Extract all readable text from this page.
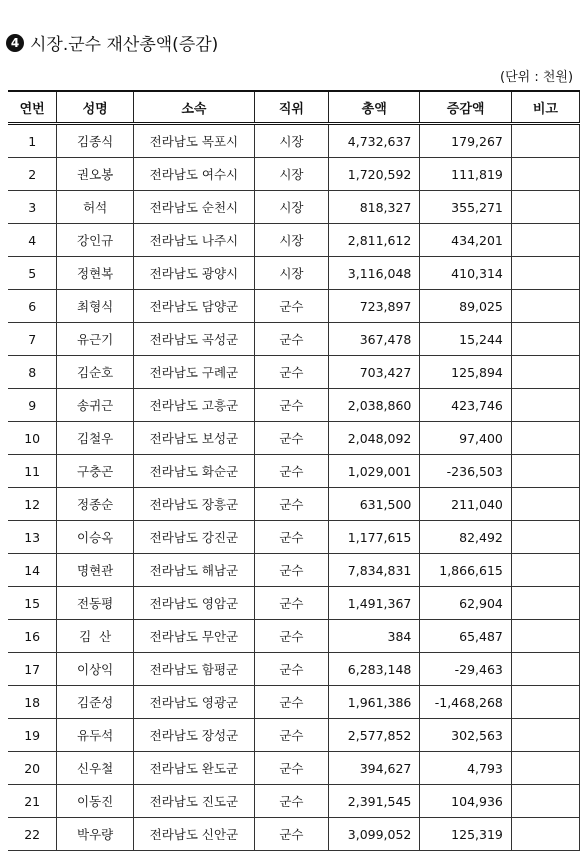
4 시장.군수 재산총액(증감)
(단위 : 천원)
연번	성명	소속	직위	총액	증감액	비고
1	김종식	전라남도 목포시	시장	4,732,637	179,267	
2	권오봉	전라남도 여수시	시장	1,720,592	111,819	
3	허석	전라남도 순천시	시장	818,327	355,271	
4	강인규	전라남도 나주시	시장	2,811,612	434,201	
5	정현복	전라남도 광양시	시장	3,116,048	410,314	
6	최형식	전라남도 담양군	군수	723,897	89,025	
7	유근기	전라남도 곡성군	군수	367,478	15,244	
8	김순호	전라남도 구례군	군수	703,427	125,894	
9	송귀근	전라남도 고흥군	군수	2,038,860	423,746	
10	김철우	전라남도 보성군	군수	2,048,092	97,400	
11	구충곤	전라남도 화순군	군수	1,029,001	-236,503	
12	정종순	전라남도 장흥군	군수	631,500	211,040	
13	이승옥	전라남도 강진군	군수	1,177,615	82,492	
14	명현관	전라남도 해남군	군수	7,834,831	1,866,615	
15	전동평	전라남도 영암군	군수	1,491,367	62,904	
16	김  산	전라남도 무안군	군수	384	65,487	
17	이상익	전라남도 함평군	군수	6,283,148	-29,463	
18	김준성	전라남도 영광군	군수	1,961,386	-1,468,268	
19	유두석	전라남도 장성군	군수	2,577,852	302,563	
20	신우철	전라남도 완도군	군수	394,627	4,793	
21	이동진	전라남도 진도군	군수	2,391,545	104,936	
22	박우량	전라남도 신안군	군수	3,099,052	125,319	
